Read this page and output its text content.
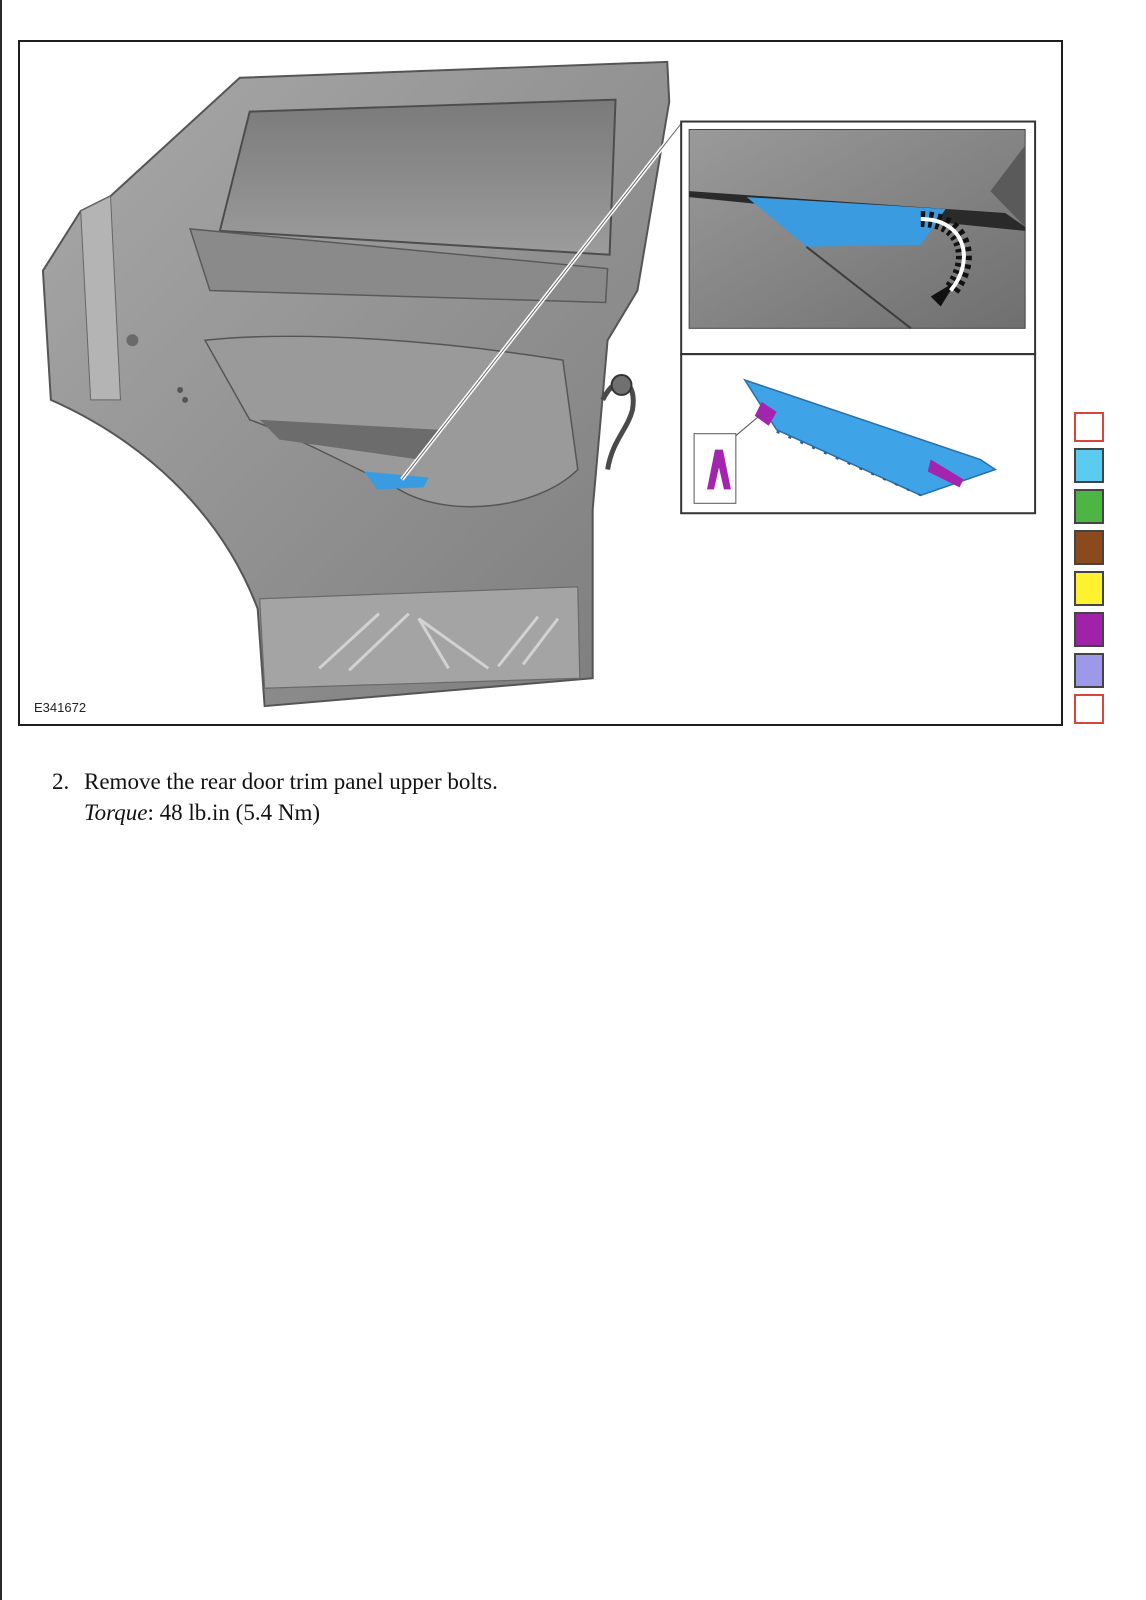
E341672
2. Remove the rear door trim panel upper bolts.
Torque: 48 lb.in (5.4 Nm)
